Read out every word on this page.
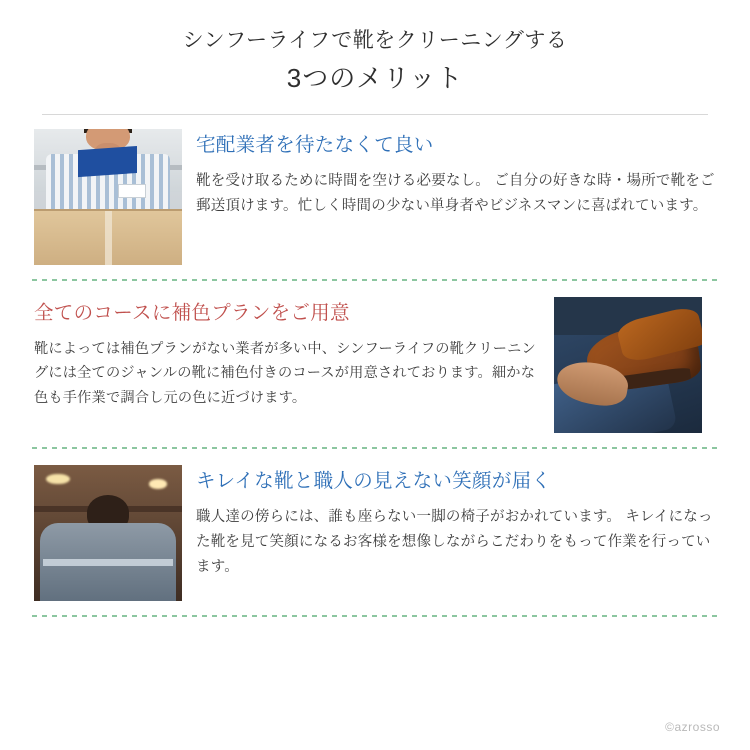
シンフーライフで靴をクリーニングする
3つのメリット
宅配業者を待たなくて良い
靴を受け取るために時間を空ける必要なし。 ご自分の好きな時・場所で靴をご郵送頂けます。忙しく時間の少ない単身者やビジネスマンに喜ばれています。
全てのコースに補色プランをご用意
靴によっては補色プランがない業者が多い中、シンフーライフの靴クリーニングには全てのジャンルの靴に補色付きのコースが用意されております。細かな色も手作業で調合し元の色に近づけます。
キレイな靴と職人の見えない笑顔が届く
職人達の傍らには、誰も座らない一脚の椅子がおかれています。 キレイになった靴を見て笑顔になるお客様を想像しながらこだわりをもって作業を行っています。
©azrosso
